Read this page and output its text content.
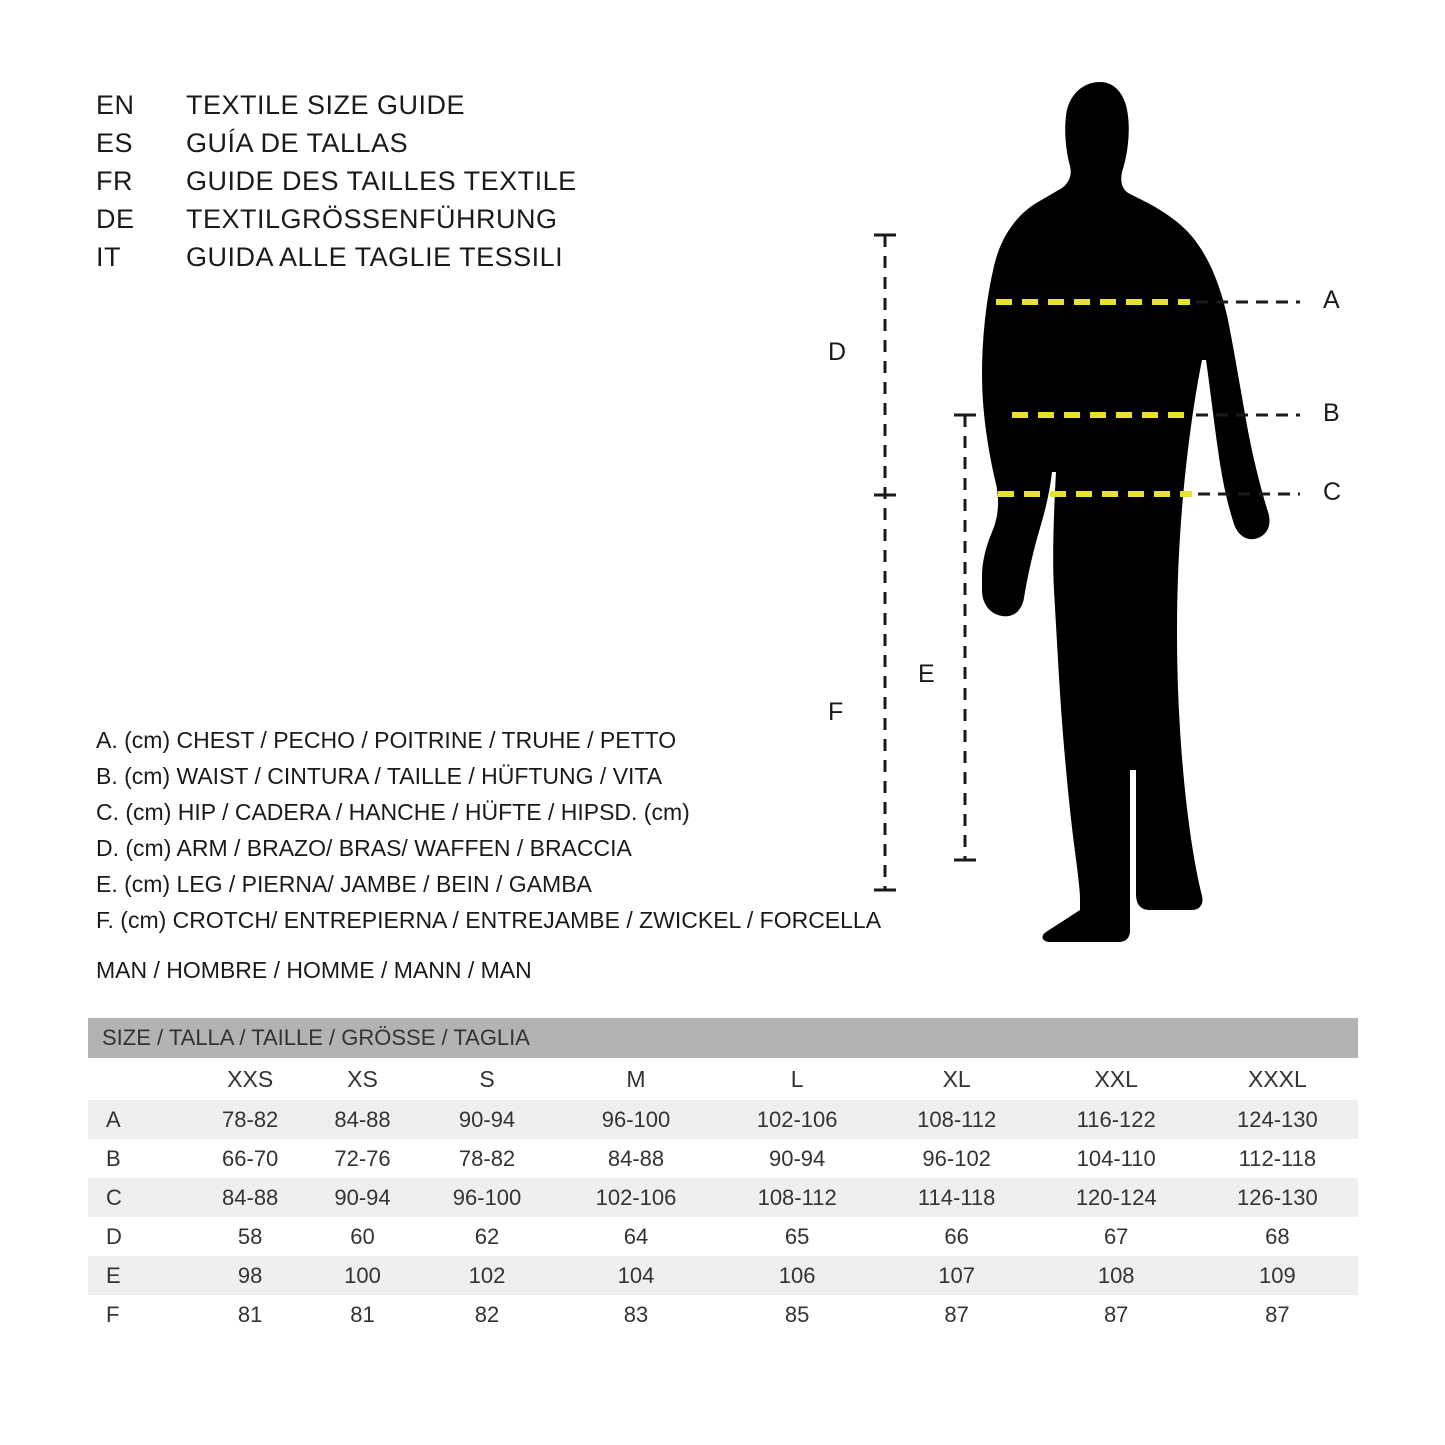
EN	TEXTILE SIZE GUIDE
ES	GUÍA DE TALLAS
FR	GUIDE DES TAILLES TEXTILE
DE	TEXTILGRÖSSENFÜHRUNG
IT	GUIDA ALLE TAGLIE TESSILI
A
B
C
D
E
F
A. (cm) CHEST / PECHO / POITRINE / TRUHE / PETTO
B. (cm) WAIST / CINTURA / TAILLE / HÜFTUNG / VITA
C. (cm) HIP / CADERA / HANCHE / HÜFTE / HIPSD. (cm)
D. (cm) ARM / BRAZO/ BRAS/ WAFFEN / BRACCIA
E. (cm) LEG / PIERNA/ JAMBE / BEIN / GAMBA
F. (cm) CROTCH/ ENTREPIERNA / ENTREJAMBE / ZWICKEL / FORCELLA
MAN / HOMBRE / HOMME / MANN / MAN
SIZE / TALLA / TAILLE / GRÖSSE / TAGLIA								
	XXS	XS	S	M	L	XL	XXL	XXXL
A	78-82	84-88	90-94	96-100	102-106	108-112	116-122	124-130
B	66-70	72-76	78-82	84-88	90-94	96-102	104-110	112-118
C	84-88	90-94	96-100	102-106	108-112	114-118	120-124	126-130
D	58	60	62	64	65	66	67	68
E	98	100	102	104	106	107	108	109
F	81	81	82	83	85	87	87	87
